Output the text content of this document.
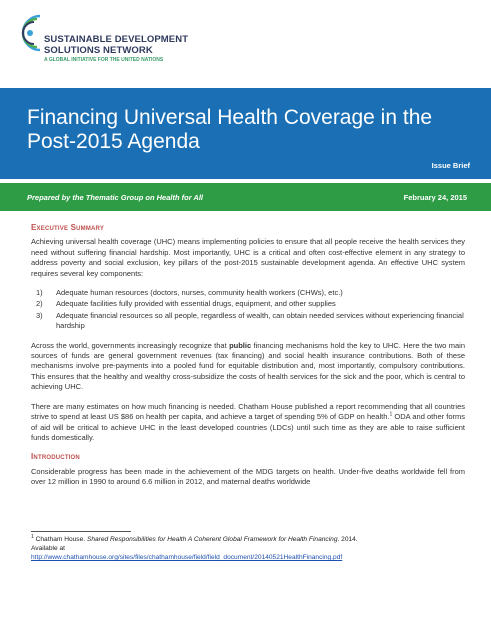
SUSTAINABLE DEVELOPMENT
SOLUTIONS NETWORK
A GLOBAL INITIATIVE FOR THE UNITED NATIONS
Financing Universal Health Coverage in the Post-2015 Agenda
Issue Brief
Prepared by the Thematic Group on Health for All	February 24, 2015
Executive Summary

Achieving universal health coverage (UHC) means implementing policies to ensure that all people receive the health services they need without suffering financial hardship. Most importantly, UHC is a critical and often cost-effective element in any strategy to address poverty and social exclusion, key pillars of the post-2015 sustainable development agenda. An effective UHC system requires several key components:

1) Adequate human resources (doctors, nurses, community health workers (CHWs), etc.)
2) Adequate facilities fully provided with essential drugs, equipment, and other supplies
3) Adequate financial resources so all people, regardless of wealth, can obtain needed services without experiencing financial hardship

Across the world, governments increasingly recognize that public financing mechanisms hold the key to UHC. Here the two main sources of funds are general government revenues (tax financing) and social health insurance contributions. Both of these mechanisms involve pre-payments into a pooled fund for equitable distribution and, most importantly, compulsory contributions. This ensures that the healthy and wealthy cross-subsidize the costs of health services for the sick and the poor, which is central to achieving UHC.

There are many estimates on how much financing is needed. Chatham House published a report recommending that all countries strive to spend at least US $86 on health per capita, and achieve a target of spending 5% of GDP on health.$^1$ ODA and other forms of aid will be critical to achieve UHC in the least developed countries (LDCs) until such time as they are able to raise sufficient funds domestically.

Introduction

Considerable progress has been made in the achievement of the MDG targets on health. Under-five deaths worldwide fell from over 12 million in 1990 to around 6.6 million in 2012, and maternal deaths worldwide

$^1$ Chatham House. Shared Responsibilities for Health A Coherent Global Framework for Health Financing. 2014.
Available at
http://www.chathamhouse.org/sites/files/chathamhouse/field/field_document/20140521HealthFinancing.pdf
